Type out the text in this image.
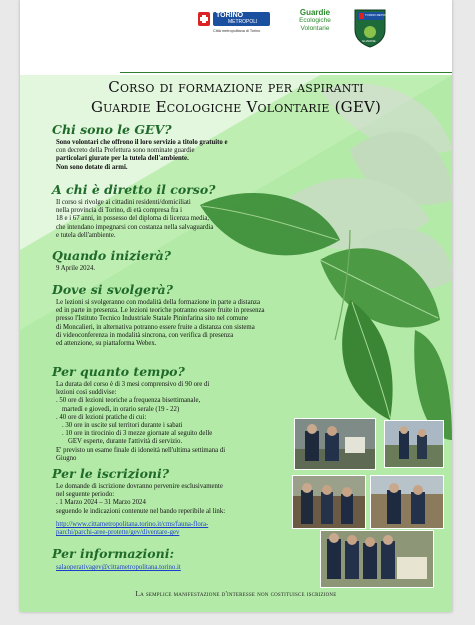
TORINO
METROPOLI
Città metropolitana di Torino
Guardie
Ecologiche
Volontarie
TORINO METROPOLI
GUARDIE
Corso di formazione per aspiranti
Guardie Ecologiche Volontarie (GEV)
Chi sono le GEV?
Sono volontari che offrono il loro servizio a titolo gratuito e
con decreto della Prefettura sono nominate guardie
particolari giurate per la tutela dell'ambiente.
Non sono dotate di armi.
A chi è diretto il corso?
Il corso si rivolge ai cittadini residenti/domiciliati
nella provincia di Torino, di età compresa fra i
18 e i 67 anni, in possesso del diploma di licenza media,
che intendano impegnarsi con costanza nella salvaguardia
e tutela dell'ambiente.
Quando inizierà?
9 Aprile 2024.
Dove si svolgerà?
Le lezioni si svolgeranno con modalità della formazione in parte a distanza
ed in parte in presenza. Le lezioni teoriche potranno essere fruite in presenza
presso l'Istituto Tecnico Industriale Statale Pininfarina sito nel comune
di Moncalieri, in alternativa potranno essere fruite a distanza con sistema
di videoconferenza in modalità sincrona, con verifica di presenza
ed attenzione, su piattaforma Webex.
Per quanto tempo?
La durata del corso è di 3 mesi comprensivo di 90 ore di
lezioni così suddivise:
. 50 ore di lezioni teoriche a frequenza bisettimanale,
martedì e giovedì, in orario serale (19 - 22)
. 40 ore di lezioni pratiche di cui:
. 30 ore in uscite sul territori durante i sabati
. 10 ore in tirocinio di 3 mezze giornate al seguito delle
GEV esperte, durante l'attività di servizio.
E' previsto un esame finale di idoneità nell'ultima settimana di
Giugno
Per le iscrizioni?
Le domande di iscrizione dovranno pervenire esclusivamente
nel seguente periodo:
. 1 Marzo 2024 – 31 Marzo 2024
seguendo le indicazioni contenute nel bando reperibile al link:
http://www.cittametropolitana.torino.it/cms/fauna-flora-
parchi/parchi-aree-protette/gev/diventare-gev
Per informazioni:
salaoperativagev@cittametropolitana.torino.it
La semplice manifestazione d'interesse non costituisce iscrizione
